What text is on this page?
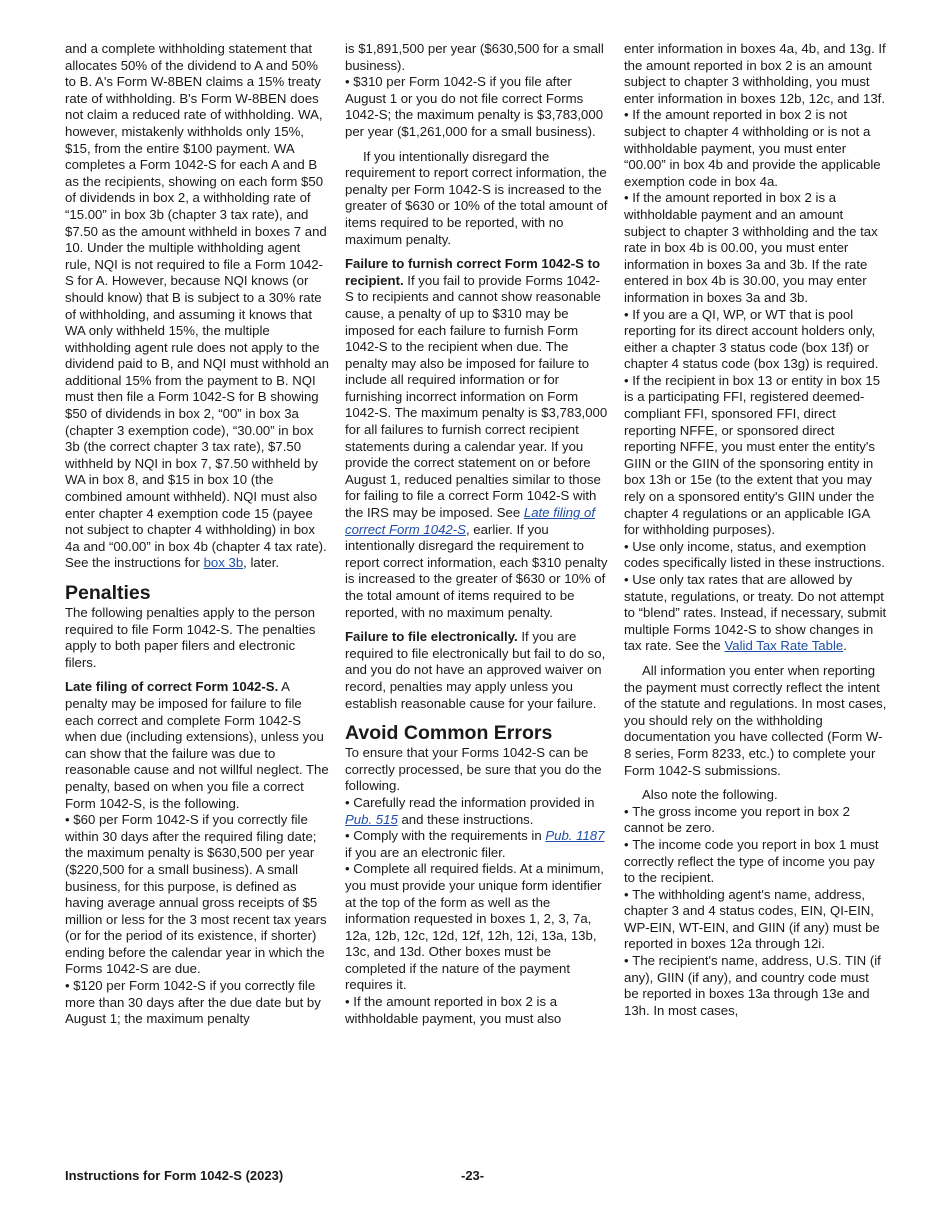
and a complete withholding statement that allocates 50% of the dividend to A and 50% to B. A's Form W-8BEN claims a 15% treaty rate of withholding. B's Form W-8BEN does not claim a reduced rate of withholding. WA, however, mistakenly withholds only 15%, $15, from the entire $100 payment. WA completes a Form 1042-S for each A and B as the recipients, showing on each form $50 of dividends in box 2, a withholding rate of “15.00” in box 3b (chapter 3 tax rate), and $7.50 as the amount withheld in boxes 7 and 10. Under the multiple withholding agent rule, NQI is not required to file a Form 1042-S for A. However, because NQI knows (or should know) that B is subject to a 30% rate of withholding, and assuming it knows that WA only withheld 15%, the multiple withholding agent rule does not apply to the dividend paid to B, and NQI must withhold an additional 15% from the payment to B. NQI must then file a Form 1042-S for B showing $50 of dividends in box 2, “00” in box 3a (chapter 3 exemption code), “30.00” in box 3b (the correct chapter 3 tax rate), $7.50 withheld by NQI in box 7, $7.50 withheld by WA in box 8, and $15 in box 10 (the combined amount withheld). NQI must also enter chapter 4 exemption code 15 (payee not subject to chapter 4 withholding) in box 4a and “00.00” in box 4b (chapter 4 tax rate). See the instructions for box 3b, later.

Penalties

The following penalties apply to the person required to file Form 1042-S. The penalties apply to both paper filers and electronic filers.

Late filing of correct Form 1042-S. A penalty may be imposed for failure to file each correct and complete Form 1042-S when due (including extensions), unless you can show that the failure was due to reasonable cause and not willful neglect. The penalty, based on when you file a correct Form 1042-S, is the following.

• $60 per Form 1042-S if you correctly file within 30 days after the required filing date; the maximum penalty is $630,500 per year ($220,500 for a small business). A small business, for this purpose, is defined as having average annual gross receipts of $5 million or less for the 3 most recent tax years (or for the period of its existence, if shorter) ending before the calendar year in which the Forms 1042-S are due.

• $120 per Form 1042-S if you correctly file more than 30 days after the due date but by August 1; the maximum penalty

is $1,891,500 per year ($630,500 for a small business).

• $310 per Form 1042-S if you file after August 1 or you do not file correct Forms 1042-S; the maximum penalty is $3,783,000 per year ($1,261,000 for a small business).

If you intentionally disregard the requirement to report correct information, the penalty per Form 1042-S is increased to the greater of $630 or 10% of the total amount of items required to be reported, with no maximum penalty.

Failure to furnish correct Form 1042-S to recipient. If you fail to provide Forms 1042-S to recipients and cannot show reasonable cause, a penalty of up to $310 may be imposed for each failure to furnish Form 1042-S to the recipient when due. The penalty may also be imposed for failure to include all required information or for furnishing incorrect information on Form 1042-S. The maximum penalty is $3,783,000 for all failures to furnish correct recipient statements during a calendar year. If you provide the correct statement on or before August 1, reduced penalties similar to those for failing to file a correct Form 1042-S with the IRS may be imposed. See Late filing of correct Form 1042-S, earlier. If you intentionally disregard the requirement to report correct information, each $310 penalty is increased to the greater of $630 or 10% of the total amount of items required to be reported, with no maximum penalty.

Failure to file electronically. If you are required to file electronically but fail to do so, and you do not have an approved waiver on record, penalties may apply unless you establish reasonable cause for your failure.

Avoid Common Errors

To ensure that your Forms 1042-S can be correctly processed, be sure that you do the following.

• Carefully read the information provided in Pub. 515 and these instructions.

• Comply with the requirements in Pub. 1187 if you are an electronic filer.

• Complete all required fields. At a minimum, you must provide your unique form identifier at the top of the form as well as the information requested in boxes 1, 2, 3, 7a, 12a, 12b, 12c, 12d, 12f, 12h, 12i, 13a, 13b, 13c, and 13d. Other boxes must be completed if the nature of the payment requires it.

• If the amount reported in box 2 is a withholdable payment, you must also

enter information in boxes 4a, 4b, and 13g. If the amount reported in box 2 is an amount subject to chapter 3 withholding, you must enter information in boxes 12b, 12c, and 13f.

• If the amount reported in box 2 is not subject to chapter 4 withholding or is not a withholdable payment, you must enter “00.00” in box 4b and provide the applicable exemption code in box 4a.

• If the amount reported in box 2 is a withholdable payment and an amount subject to chapter 3 withholding and the tax rate in box 4b is 00.00, you must enter information in boxes 3a and 3b. If the rate entered in box 4b is 30.00, you may enter information in boxes 3a and 3b.

• If you are a QI, WP, or WT that is pool reporting for its direct account holders only, either a chapter 3 status code (box 13f) or chapter 4 status code (box 13g) is required.

• If the recipient in box 13 or entity in box 15 is a participating FFI, registered deemed-compliant FFI, sponsored FFI, direct reporting NFFE, or sponsored direct reporting NFFE, you must enter the entity's GIIN or the GIIN of the sponsoring entity in box 13h or 15e (to the extent that you may rely on a sponsored entity's GIIN under the chapter 4 regulations or an applicable IGA for withholding purposes).

• Use only income, status, and exemption codes specifically listed in these instructions.

• Use only tax rates that are allowed by statute, regulations, or treaty. Do not attempt to “blend” rates. Instead, if necessary, submit multiple Forms 1042-S to show changes in tax rate. See the Valid Tax Rate Table.

All information you enter when reporting the payment must correctly reflect the intent of the statute and regulations. In most cases, you should rely on the withholding documentation you have collected (Form W-8 series, Form 8233, etc.) to complete your Form 1042-S submissions.

Also note the following.

• The gross income you report in box 2 cannot be zero.

• The income code you report in box 1 must correctly reflect the type of income you pay to the recipient.

• The withholding agent's name, address, chapter 3 and 4 status codes, EIN, QI-EIN, WP-EIN, WT-EIN, and GIIN (if any) must be reported in boxes 12a through 12i.

• The recipient's name, address, U.S. TIN (if any), GIIN (if any), and country code must be reported in boxes 13a through 13e and 13h. In most cases,

Instructions for Form 1042-S (2023)	-23-
